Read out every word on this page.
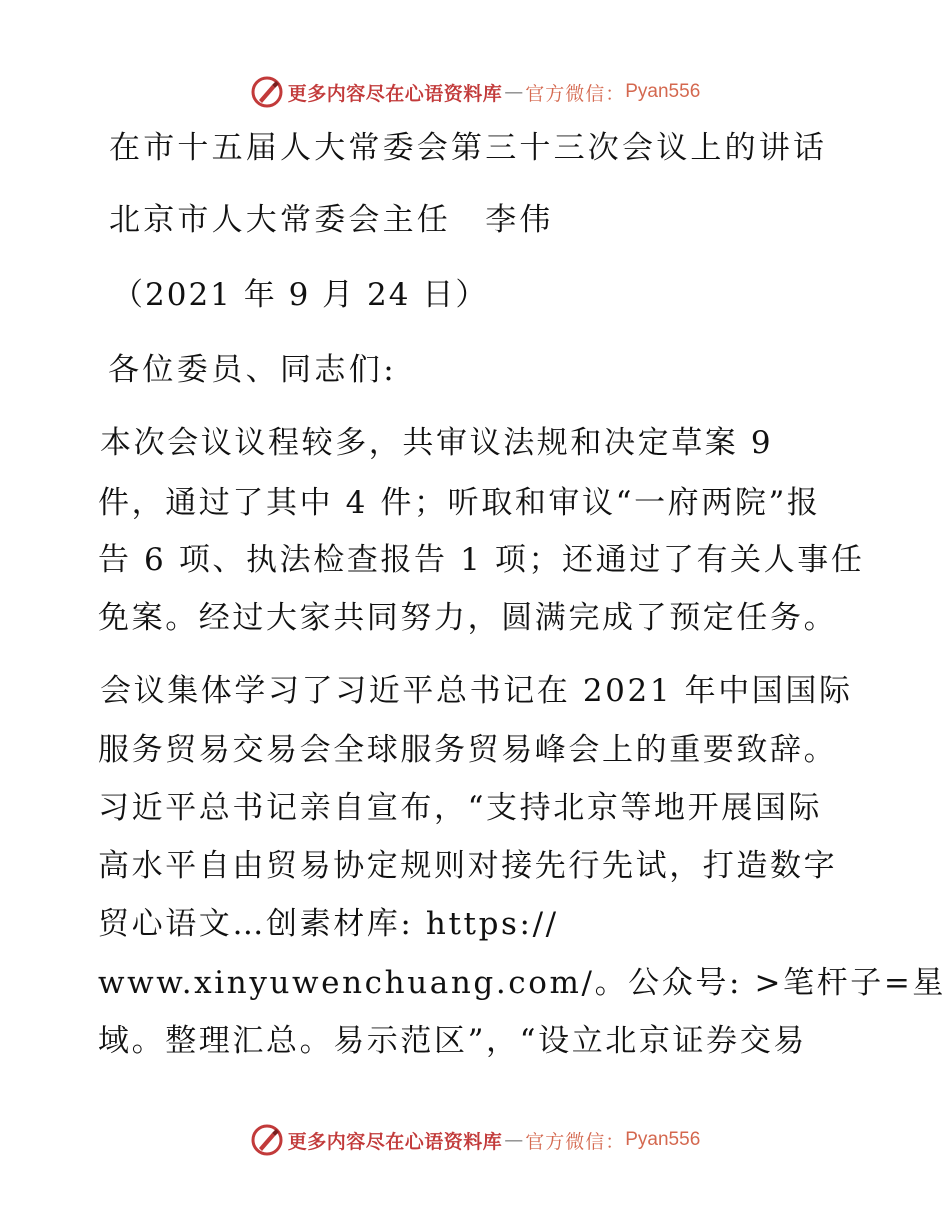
更多内容尽在心语资料库 — 官方微信： Pyan556
在市十五届人大常委会第三十三次会议上的讲话
北京市人大常委会主任　李伟
（2021 年 9 月 24 日）
各位委员、同志们:
本次会议议程较多，共审议法规和决定草案 9
件，通过了其中 4 件；听取和审议“一府两院”报
告 6 项、执法检查报告 1 项；还通过了有关人事任
免案。经过大家共同努力，圆满完成了预定任务。
会议集体学习了习近平总书记在 2021 年中国国际
服务贸易交易会全球服务贸易峰会上的重要致辞。
习近平总书记亲自宣布，“支持北京等地开展国际
高水平自由贸易协定规则对接先行先试，打造数字
贸心语文…创素材库: https://
www.xinyuwenchuang.com/。公众号: >笔杆子=星
域。整理汇总。易示范区”，“设立北京证券交易
更多内容尽在心语资料库 — 官方微信： Pyan556
